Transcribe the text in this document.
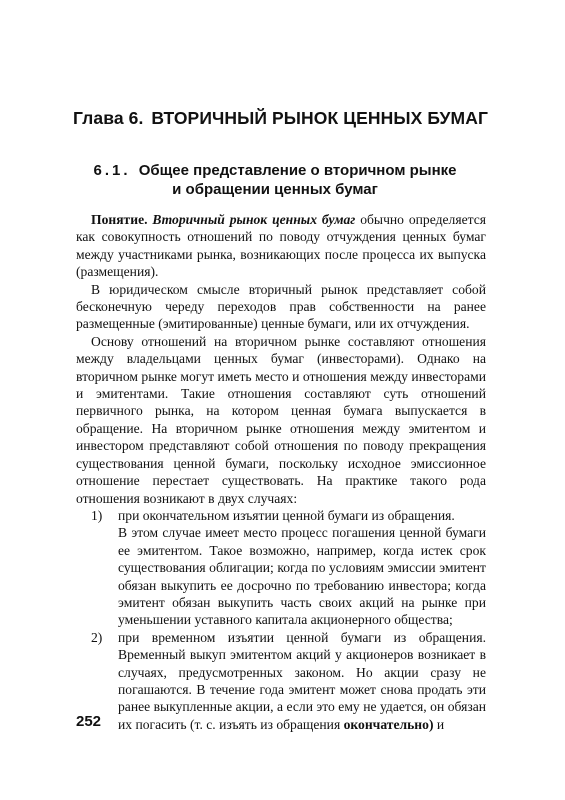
Глава 6. ВТОРИЧНЫЙ РЫНОК ЦЕННЫХ БУМАГ
6.1. Общее представление о вторичном рынке
и обращении ценных бумаг

Понятие. Вторичный рынок ценных бумаг обычно определяется как совокупность отношений по поводу отчуждения ценных бумаг между участниками рынка, возникающих после процесса их выпуска (размещения).

В юридическом смысле вторичный рынок представляет собой бесконечную череду переходов прав собственности на ранее размещенные (эмитированные) ценные бумаги, или их отчуждения.

Основу отношений на вторичном рынке составляют отношения между владельцами ценных бумаг (инвесторами). Однако на вторичном рынке могут иметь место и отношения между инвесторами и эмитентами. Такие отношения составляют суть отношений первичного рынка, на котором ценная бумага выпускается в обращение. На вторичном рынке отношения между эмитентом и инвестором представляют собой отношения по поводу прекращения существования ценной бумаги, поскольку исходное эмиссионное отношение перестает существовать. На практике такого рода отношения возникают в двух случаях:

1) при окончательном изъятии ценной бумаги из обращения.
В этом случае имеет место процесс погашения ценной бумаги ее эмитентом. Такое возможно, например, когда истек срок существования облигации; когда по условиям эмиссии эмитент обязан выкупить ее досрочно по требованию инвестора; когда эмитент обязан выкупить часть своих акций на рынке при уменьшении уставного капитала акционерного общества;
2) при временном изъятии ценной бумаги из обращения. Временный выкуп эмитентом акций у акционеров возникает в случаях, предусмотренных законом. Но акции сразу не погашаются. В течение года эмитент может снова продать эти ранее выкупленные акции, а если это ему не удается, он обязан их погасить (т. с. изъять из обращения окончательно) и
252
